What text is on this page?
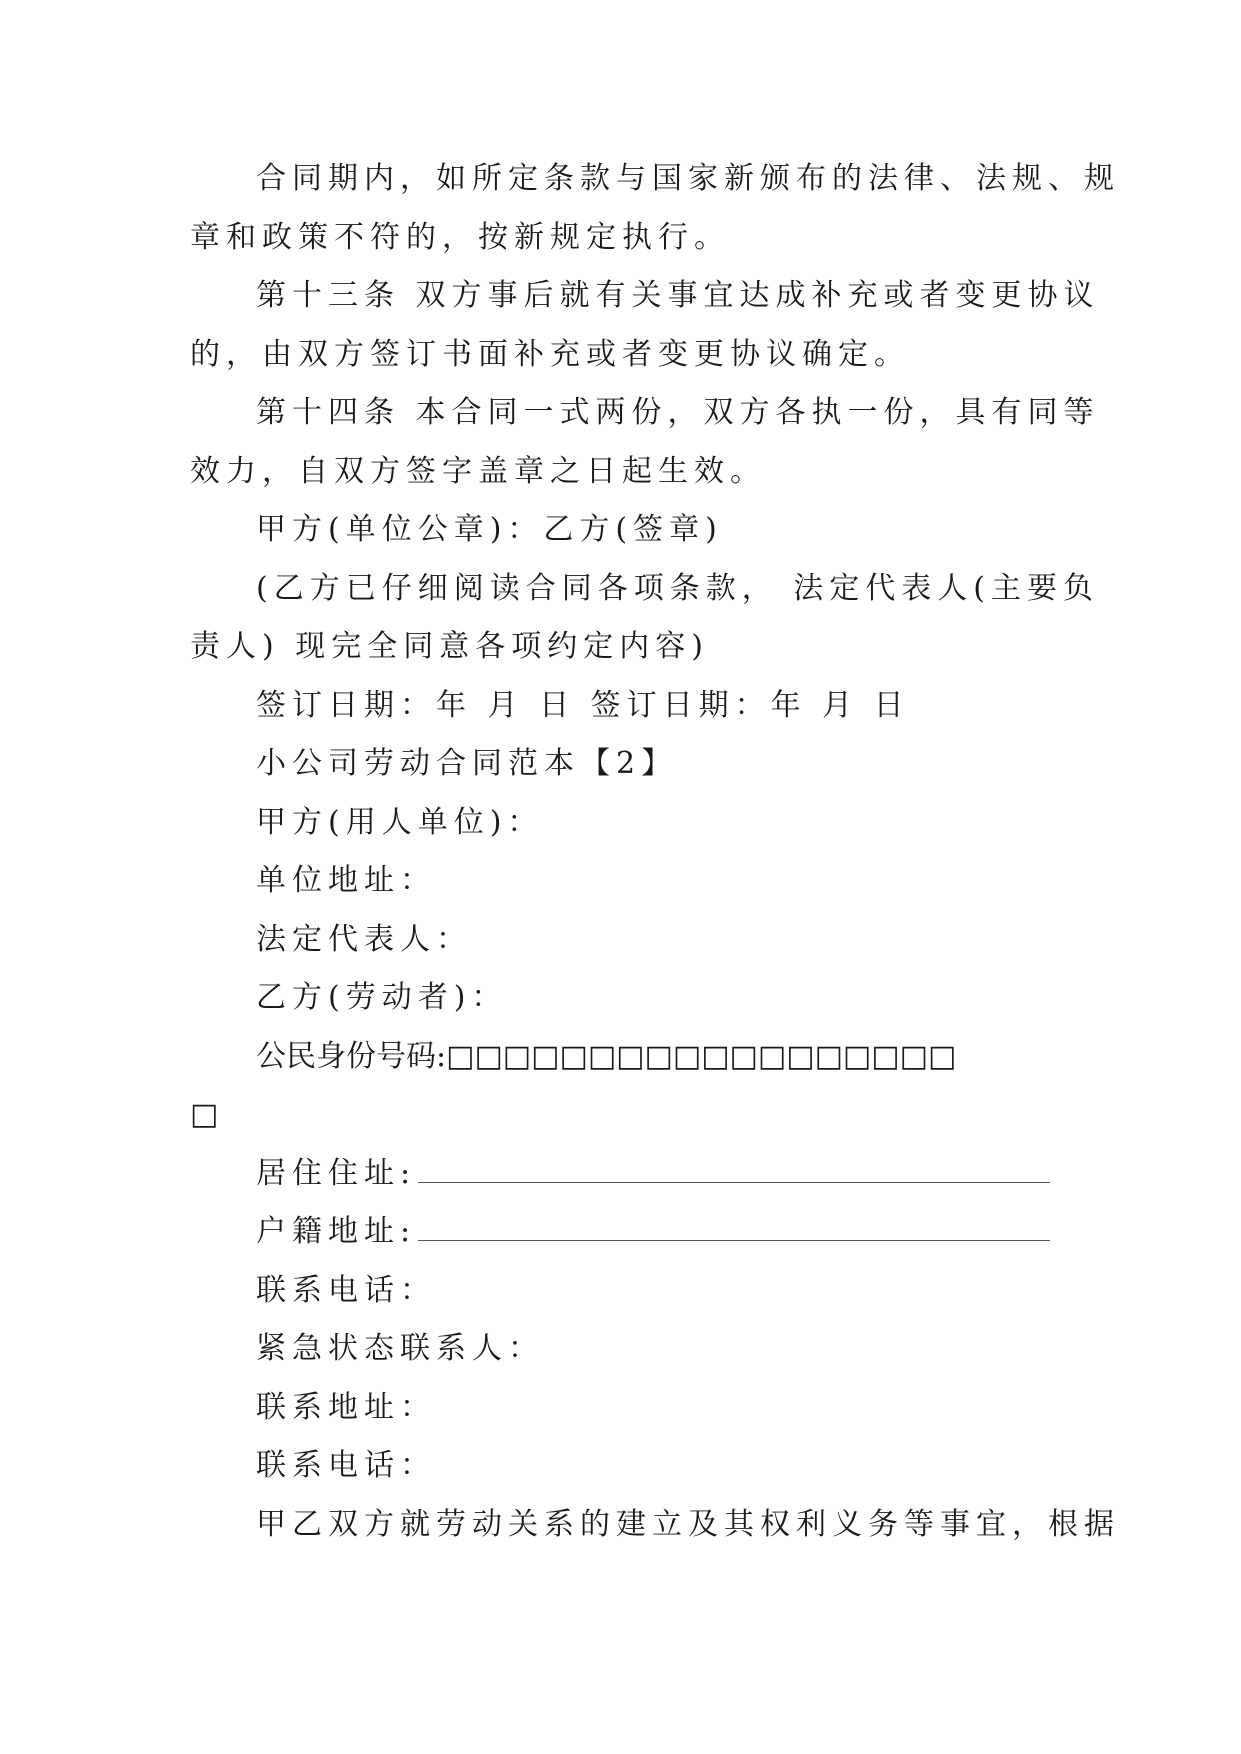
合同期内，如所定条款与国家新颁布的法律、法规、规
章和政策不符的，按新规定执行。
第十三条 双方事后就有关事宜达成补充或者变更协议
的，由双方签订书面补充或者变更协议确定。
第十四条 本合同一式两份，双方各执一份，具有同等
效力，自双方签字盖章之日起生效。
甲方(单位公章)：乙方(签章)
(乙方已仔细阅读合同各项条款， 法定代表人(主要负
责人) 现完全同意各项约定内容)
签订日期：年 月 日 签订日期：年 月 日
小公司劳动合同范本【2】
甲方(用人单位)：
单位地址：
法定代表人：
乙方(劳动者)：
公民身份号码:□□□□□□□□□□□□□□□□□□
□
居住住址:
户籍地址:
联系电话：
紧急状态联系人：
联系地址：
联系电话：
甲乙双方就劳动关系的建立及其权利义务等事宜，根据
